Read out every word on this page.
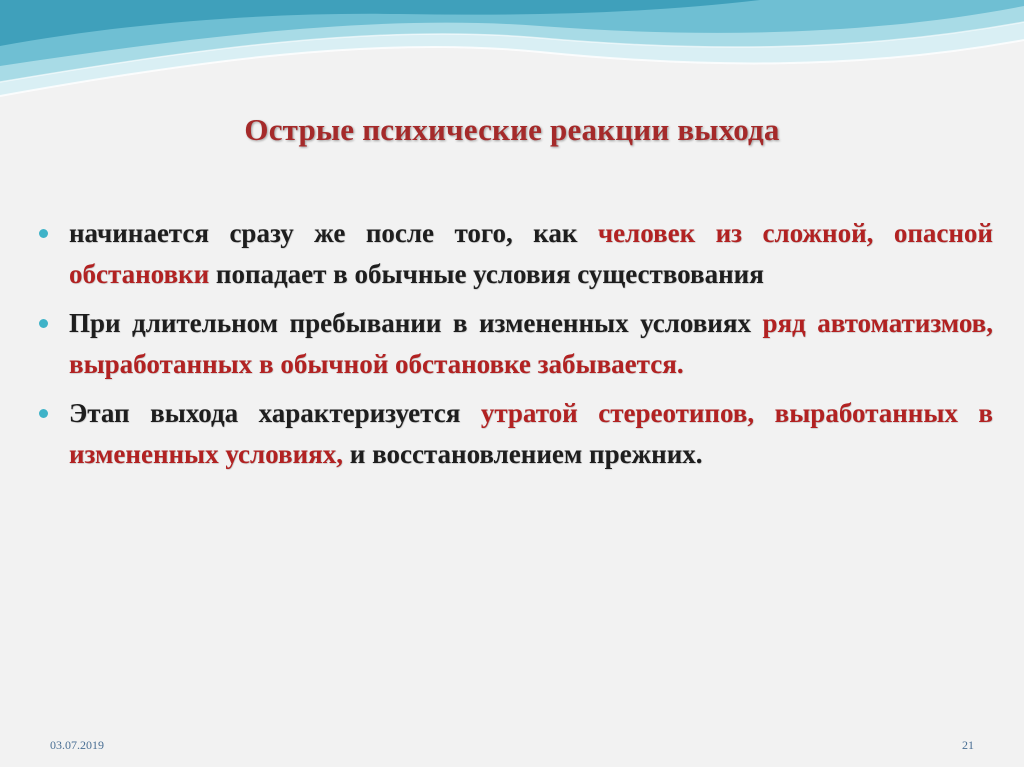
Острые психические реакции выхода
начинается сразу же после того, как человек из сложной, опасной обстановки попадает в обычные условия существования
При длительном пребывании в измененных условиях ряд автоматизмов, выработанных в обычной обстановке забывается.
Этап выхода характеризуется утратой стереотипов, выработанных в измененных условиях, и восстановлением прежних.
03.07.2019	21
